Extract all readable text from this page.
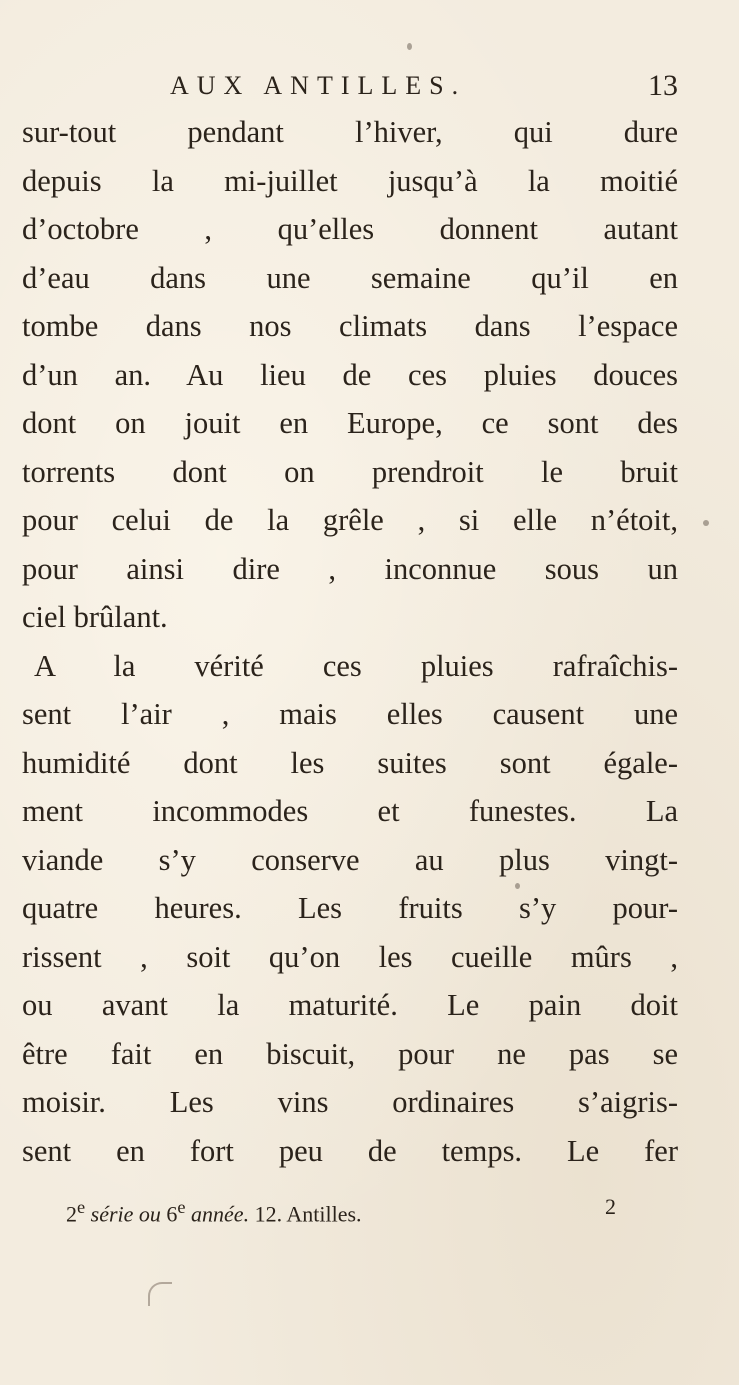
AUX ANTILLES.	13
sur-tout pendant l’hiver, qui dure
depuis la mi-juillet jusqu’à la moitié
d’octobre , qu’elles donnent autant
d’eau dans une semaine qu’il en
tombe dans nos climats dans l’espace
d’un an. Au lieu de ces pluies douces
dont on jouit en Europe, ce sont des
torrents dont on prendroit le bruit
pour celui de la grêle , si elle n’étoit,
pour ainsi dire , inconnue sous un
ciel brûlant.
A la vérité ces pluies rafraîchis-
sent l’air , mais elles causent une
humidité dont les suites sont égale-
ment incommodes et funestes. La
viande s’y conserve au plus vingt-
quatre heures. Les fruits s’y pour-
rissent , soit qu’on les cueille mûrs ,
ou avant la maturité. Le pain doit
être fait en biscuit, pour ne pas se
moisir. Les vins ordinaires s’aigris-
sent en fort peu de temps. Le fer
2e série ou 6e année. 12. Antilles.	2
